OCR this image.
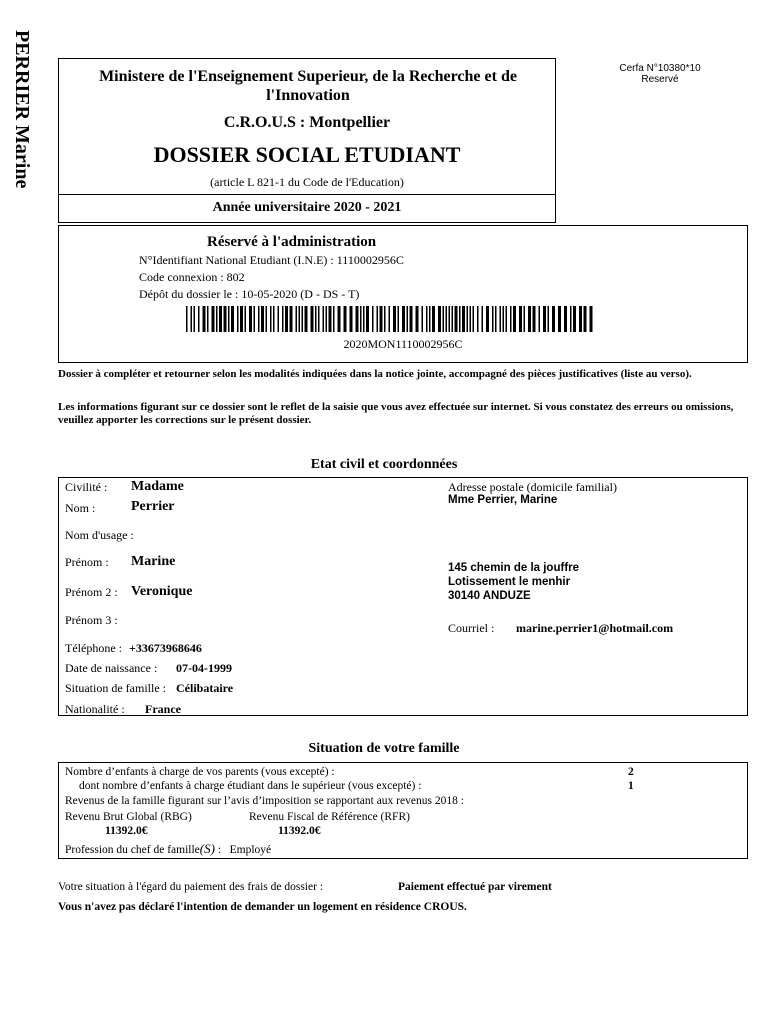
PERRIER Marine	Cerfa N°10380*10
Reservé
Ministere de l'Enseignement Superieur, de la Recherche et de l'Innovation
C.R.O.U.S : Montpellier
DOSSIER SOCIAL ETUDIANT
(article L 821-1 du Code de l'Education)
Année universitaire 2020 - 2021
Réservé à l'administration
N°Identifiant National Etudiant (I.N.E) : 1110002956C
Code connexion : 802
Dépôt du dossier le : 10-05-2020 (D - DS - T)
2020MON1110002956C
Dossier à compléter et retourner selon les modalités indiquées dans la notice jointe, accompagné des pièces justificatives (liste au verso).
Les informations figurant sur ce dossier sont le reflet de la saisie que vous avez effectuée sur internet. Si vous constatez des erreurs ou omissions, veuillez apporter les corrections sur le présent dossier.
Etat civil et coordonnées
Civilité : Madame
Nom :	Perrier
Nom d'usage :
Prénom : Marine
Prénom 2 : Veronique
Prénom 3 :
Téléphone : +33673968646
Date de naissance : 07-04-1999
Situation de famille : Célibataire
Nationalité : France
Adresse postale (domicile familial)
Mme Perrier, Marine
145 chemin de la jouffre
Lotissement le menhir
30140 ANDUZE
Courriel : marine.perrier1@hotmail.com
Situation de votre famille
Nombre d’enfants à charge de vos parents (vous excepté) :	2
dont nombre d’enfants à charge étudiant dans le supérieur (vous excepté) :	1
Revenus de la famille figurant sur l’avis d’imposition se rapportant aux revenus 2018 :
Revenu Brut Global (RBG)	Revenu Fiscal de Référence (RFR)
11392.0€	11392.0€
Profession du chef de famille(S) : Employé
Votre situation à l'égard du paiement des frais de dossier :	Paiement effectué par virement
Vous n'avez pas déclaré l'intention de demander un logement en résidence CROUS.
